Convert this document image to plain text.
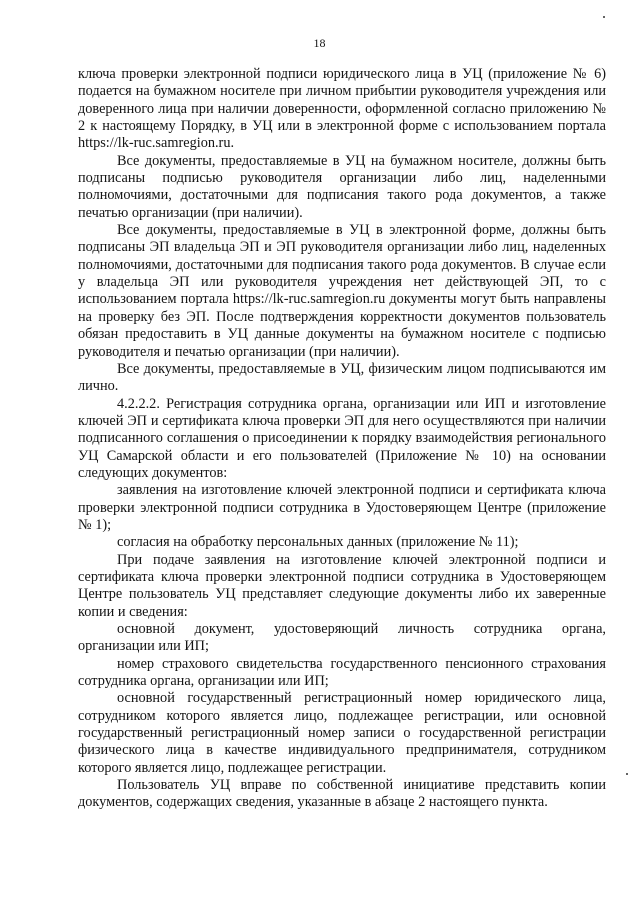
18

ключа проверки электронной подписи юридического лица в УЦ (приложение № 6) подается на бумажном носителе при личном прибытии руководителя учреждения или доверенного лица при наличии доверенности, оформленной согласно приложению № 2 к настоящему Порядку, в УЦ или в электронной форме с использованием портала https://lk-ruc.samregion.ru.

Все документы, предоставляемые в УЦ на бумажном носителе, должны быть подписаны подписью руководителя организации либо лиц, наделенными полномочиями, достаточными для подписания такого рода документов, а также печатью организации (при наличии).

Все документы, предоставляемые в УЦ в электронной форме, должны быть подписаны ЭП владельца ЭП и ЭП руководителя организации либо лиц, наделенных полномочиями, достаточными для подписания такого рода документов. В случае если у владельца ЭП или руководителя учреждения нет действующей ЭП, то с использованием портала https://lk-ruc.samregion.ru документы могут быть направлены на проверку без ЭП. После подтверждения корректности документов пользователь обязан предоставить в УЦ данные документы на бумажном носителе с подписью руководителя и печатью организации (при наличии).

Все документы, предоставляемые в УЦ, физическим лицом подписываются им лично.

4.2.2.2. Регистрация сотрудника органа, организации или ИП и изготовление ключей ЭП и сертификата ключа проверки ЭП для него осуществляются при наличии подписанного соглашения о присоединении к порядку взаимодействия регионального УЦ Самарской области и его пользователей (Приложение № 10) на основании следующих документов:

заявления на изготовление ключей электронной подписи и сертификата ключа проверки электронной подписи сотрудника в Удостоверяющем Центре (приложение № 1);

согласия на обработку персональных данных (приложение № 11);

При подаче заявления на изготовление ключей электронной подписи и сертификата ключа проверки электронной подписи сотрудника в Удостоверяющем Центре пользователь УЦ представляет следующие документы либо их заверенные копии и сведения:

основной документ, удостоверяющий личность сотрудника органа, организации или ИП;

номер страхового свидетельства государственного пенсионного страхования сотрудника органа, организации или ИП;

основной государственный регистрационный номер юридического лица, сотрудником которого является лицо, подлежащее регистрации, или основной государственный регистрационный номер записи о государственной регистрации физического лица в качестве индивидуального предпринимателя, сотрудником которого является лицо, подлежащее регистрации.

Пользователь УЦ вправе по собственной инициативе представить копии документов, содержащих сведения, указанные в абзаце 2 настоящего пункта.
